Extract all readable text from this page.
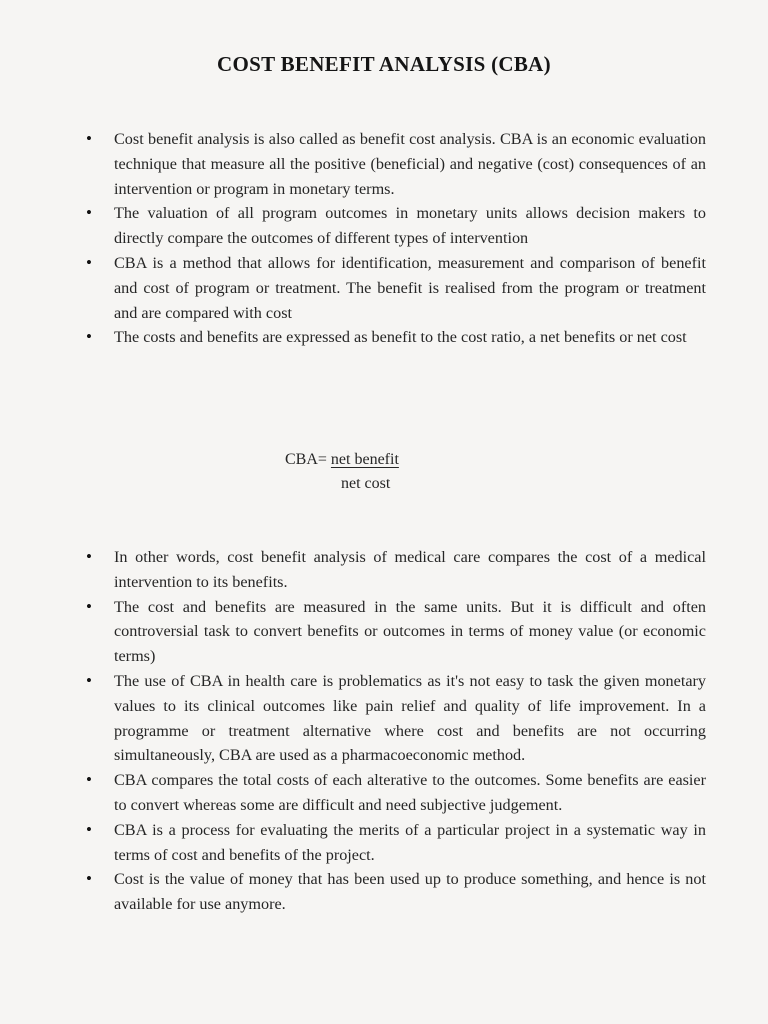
COST BENEFIT ANALYSIS (CBA)
• Cost benefit analysis is also called as benefit cost analysis. CBA is an economic evaluation technique that measure all the positive (beneficial) and negative (cost) consequences of an intervention or program in monetary terms.
• The valuation of all program outcomes in monetary units allows decision makers to directly compare the outcomes of different types of intervention
• CBA is a method that allows for identification, measurement and comparison of benefit and cost of program or treatment. The benefit is realised from the program or treatment and are compared with cost
• The costs and benefits are expressed as benefit to the cost ratio, a net benefits or net cost
CBA= net benefit
net cost
• In other words, cost benefit analysis of medical care compares the cost of a medical intervention to its benefits.
• The cost and benefits are measured in the same units. But it is difficult and often controversial task to convert benefits or outcomes in terms of money value (or economic terms)
• The use of CBA in health care is problematics as it's not easy to task the given monetary values to its clinical outcomes like pain relief and quality of life improvement. In a programme or treatment alternative where cost and benefits are not occurring simultaneously, CBA are used as a pharmacoeconomic method.
• CBA compares the total costs of each alterative to the outcomes. Some benefits are easier to convert whereas some are difficult and need subjective judgement.
• CBA is a process for evaluating the merits of a particular project in a systematic way in terms of cost and benefits of the project.
• Cost is the value of money that has been used up to produce something, and hence is not available for use anymore.
